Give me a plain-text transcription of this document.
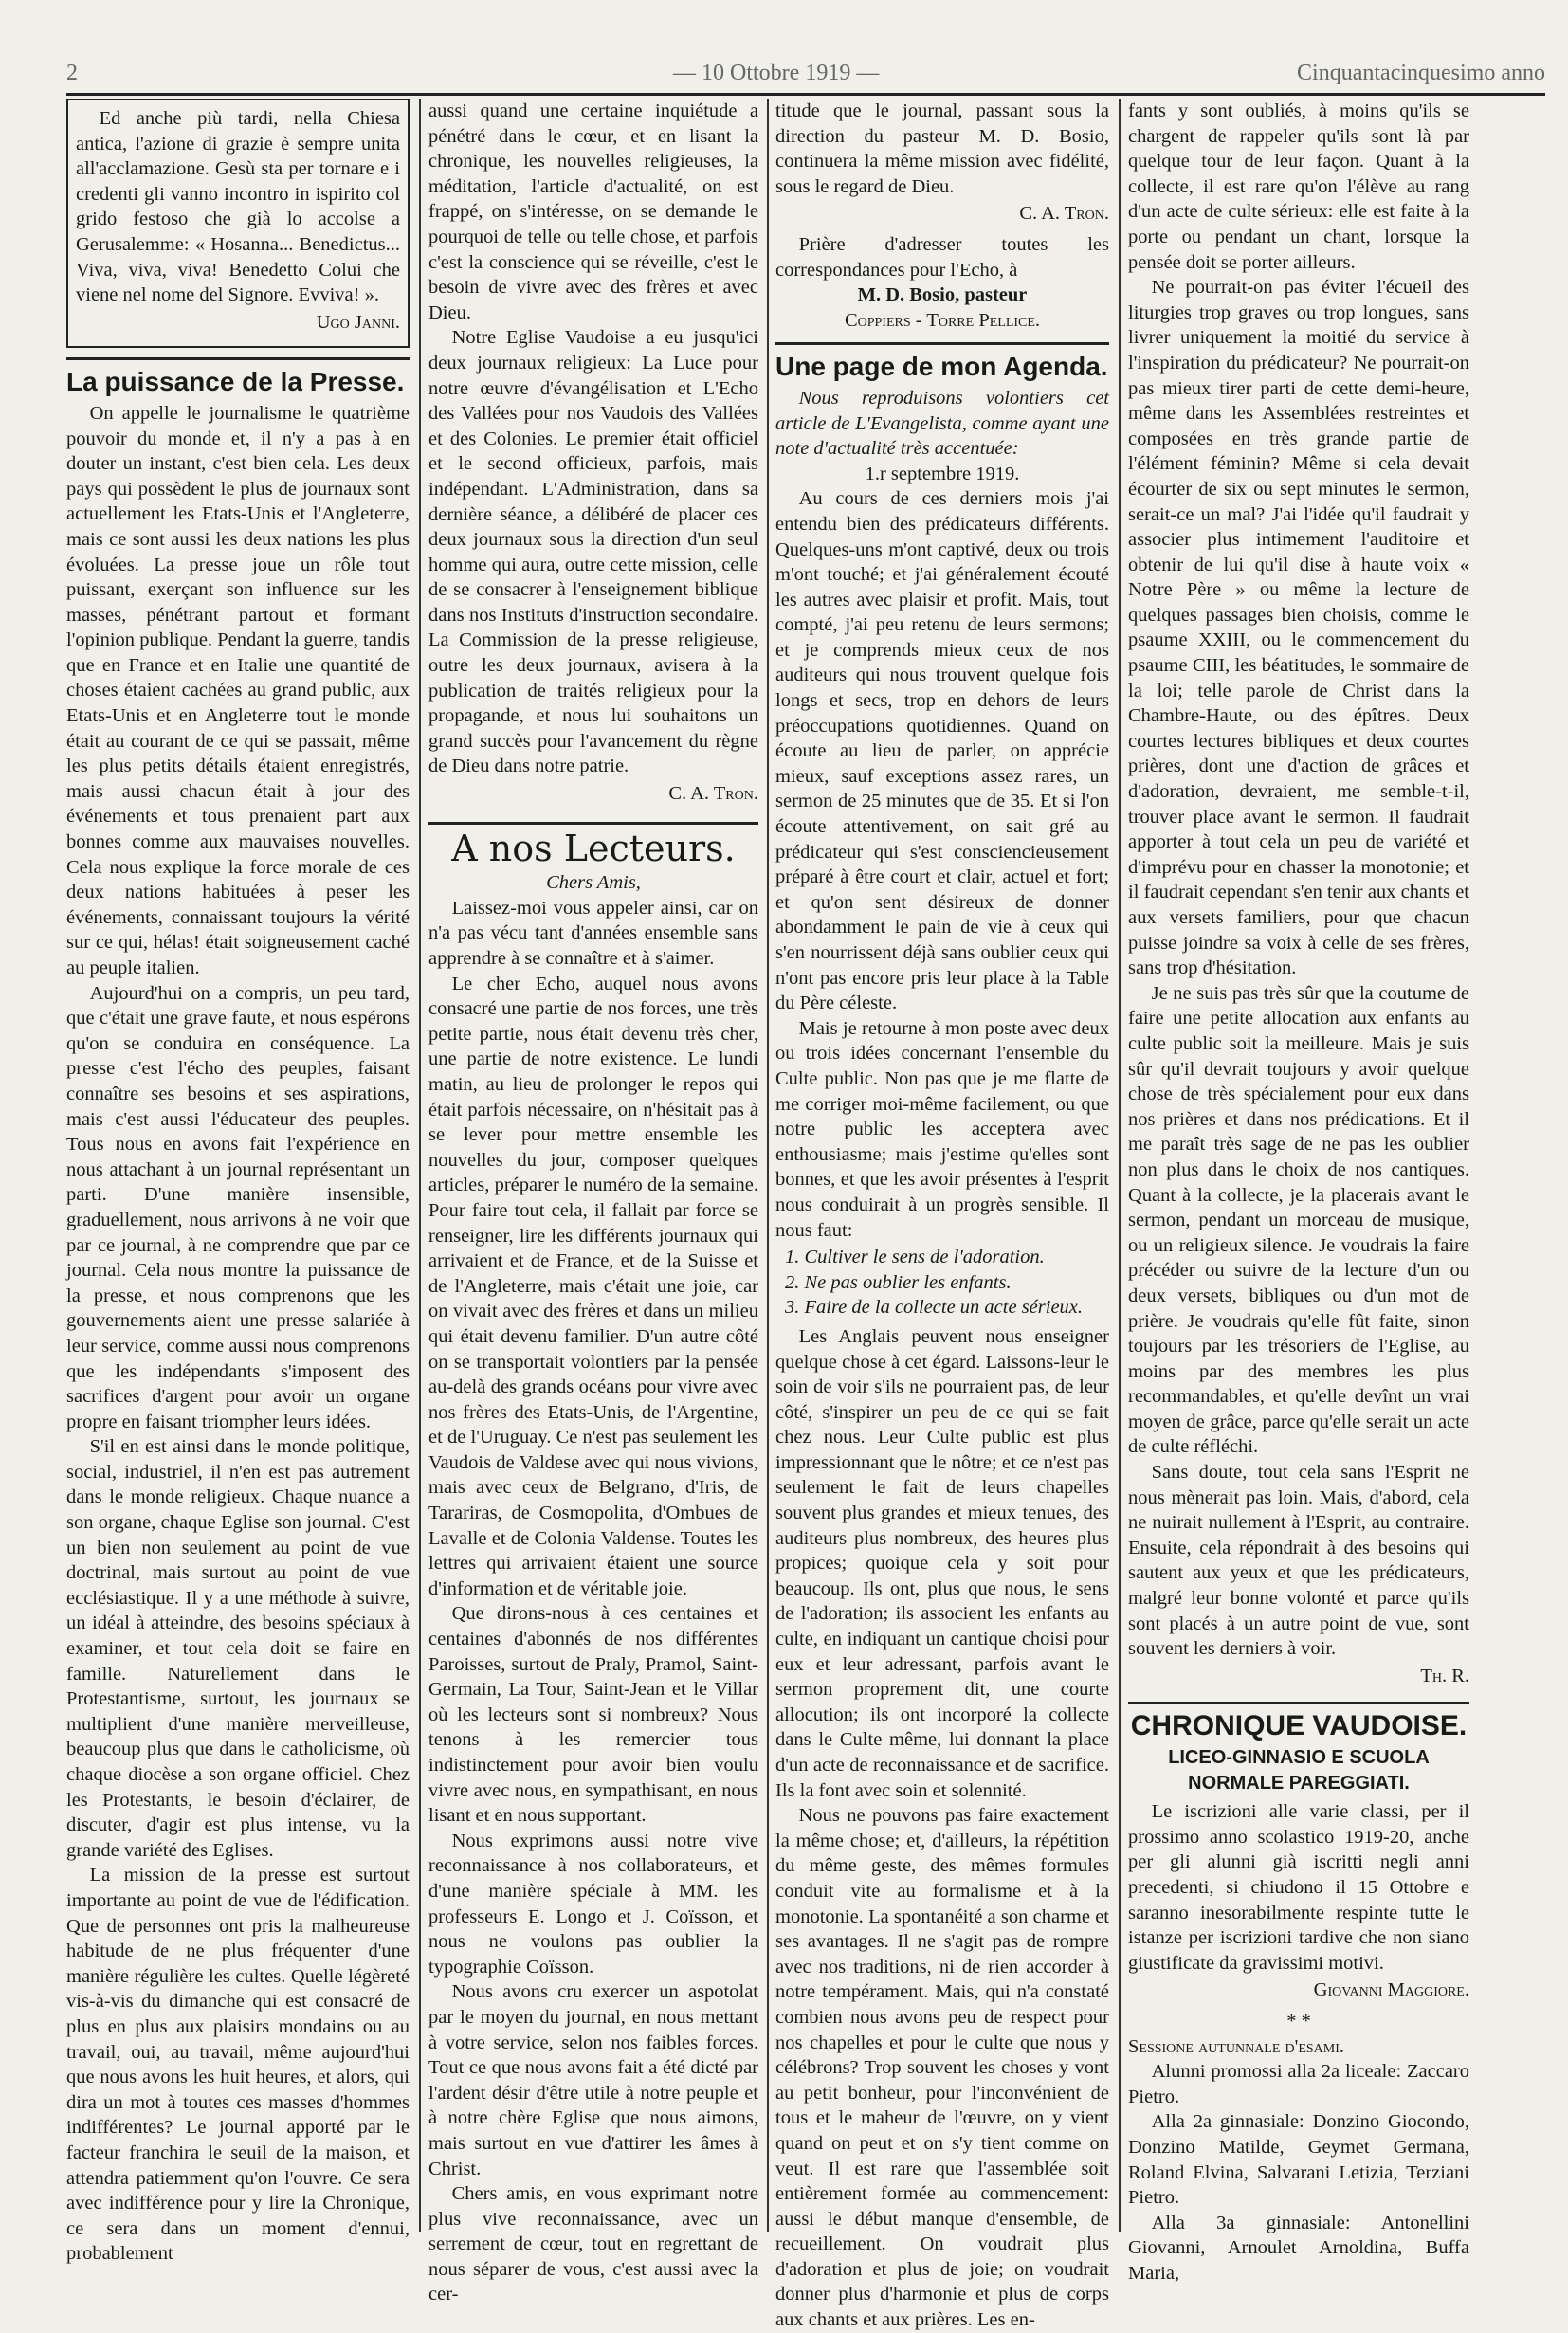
2	— 10 Ottobre 1919 —	Cinquantacinquesimo anno

Ed anche più tardi, nella Chiesa antica, l'azione di grazie è sempre unita all'acclamazione. Gesù sta per tornare e i credenti gli vanno incontro in ispirito col grido festoso che già lo accolse a Gerusalemme: « Hosanna... Benedictus... Viva, viva, viva! Benedetto Colui che viene nel nome del Signore. Evviva! ».

Ugo Janni.
La puissance de la Presse.

On appelle le journalisme le quatrième pouvoir du monde et, il n'y a pas à en douter un instant, c'est bien cela. Les deux pays qui possèdent le plus de journaux sont actuellement les Etats-Unis et l'Angleterre, mais ce sont aussi les deux nations les plus évoluées. La presse joue un rôle tout puissant, exerçant son influence sur les masses, pénétrant partout et formant l'opinion publique. Pendant la guerre, tandis que en France et en Italie une quantité de choses étaient cachées au grand public, aux Etats-Unis et en Angleterre tout le monde était au courant de ce qui se passait, même les plus petits détails étaient enregistrés, mais aussi chacun était à jour des événements et tous prenaient part aux bonnes comme aux mauvaises nouvelles. Cela nous explique la force morale de ces deux nations habituées à peser les événements, connaissant toujours la vérité sur ce qui, hélas! était soigneusement caché au peuple italien.

Aujourd'hui on a compris, un peu tard, que c'était une grave faute, et nous espérons qu'on se conduira en conséquence. La presse c'est l'écho des peuples, faisant connaître ses besoins et ses aspirations, mais c'est aussi l'éducateur des peuples. Tous nous en avons fait l'expérience en nous attachant à un journal représentant un parti. D'une manière insensible, graduellement, nous arrivons à ne voir que par ce journal, à ne comprendre que par ce journal. Cela nous montre la puissance de la presse, et nous comprenons que les gouvernements aient une presse salariée à leur service, comme aussi nous comprenons que les indépendants s'imposent des sacrifices d'argent pour avoir un organe propre en faisant triompher leurs idées.

S'il en est ainsi dans le monde politique, social, industriel, il n'en est pas autrement dans le monde religieux. Chaque nuance a son organe, chaque Eglise son journal. C'est un bien non seulement au point de vue doctrinal, mais surtout au point de vue ecclésiastique. Il y a une méthode à suivre, un idéal à atteindre, des besoins spéciaux à examiner, et tout cela doit se faire en famille. Naturellement dans le Protestantisme, surtout, les journaux se multiplient d'une manière merveilleuse, beaucoup plus que dans le catholicisme, où chaque diocèse a son organe officiel. Chez les Protestants, le besoin d'éclairer, de discuter, d'agir est plus intense, vu la grande variété des Eglises.

La mission de la presse est surtout importante au point de vue de l'édification. Que de personnes ont pris la malheureuse habitude de ne plus fréquenter d'une manière régulière les cultes. Quelle légèreté vis-à-vis du dimanche qui est consacré de plus en plus aux plaisirs mondains ou au travail, oui, au travail, même aujourd'hui que nous avons les huit heures, et alors, qui dira un mot à toutes ces masses d'hommes indifférentes? Le journal apporté par le facteur franchira le seuil de la maison, et attendra patiemment qu'on l'ouvre. Ce sera avec indifférence pour y lire la Chronique, ce sera dans un moment d'ennui, probablement

aussi quand une certaine inquiétude a pénétré dans le cœur, et en lisant la chronique, les nouvelles religieuses, la méditation, l'article d'actualité, on est frappé, on s'intéresse, on se demande le pourquoi de telle ou telle chose, et parfois c'est la conscience qui se réveille, c'est le besoin de vivre avec des frères et avec Dieu.

Notre Eglise Vaudoise a eu jusqu'ici deux journaux religieux: La Luce pour notre œuvre d'évangélisation et L'Echo des Vallées pour nos Vaudois des Vallées et des Colonies. Le premier était officiel et le second officieux, parfois, mais indépendant. L'Administration, dans sa dernière séance, a délibéré de placer ces deux journaux sous la direction d'un seul homme qui aura, outre cette mission, celle de se consacrer à l'enseignement biblique dans nos Instituts d'instruction secondaire. La Commission de la presse religieuse, outre les deux journaux, avisera à la publication de traités religieux pour la propagande, et nous lui souhaitons un grand succès pour l'avancement du règne de Dieu dans notre patrie.

C. A. Tron.
A nos Lecteurs.

Chers Amis,

Laissez-moi vous appeler ainsi, car on n'a pas vécu tant d'années ensemble sans apprendre à se connaître et à s'aimer.

Le cher Echo, auquel nous avons consacré une partie de nos forces, une très petite partie, nous était devenu très cher, une partie de notre existence. Le lundi matin, au lieu de prolonger le repos qui était parfois nécessaire, on n'hésitait pas à se lever pour mettre ensemble les nouvelles du jour, composer quelques articles, préparer le numéro de la semaine. Pour faire tout cela, il fallait par force se renseigner, lire les différents journaux qui arrivaient et de France, et de la Suisse et de l'Angleterre, mais c'était une joie, car on vivait avec des frères et dans un milieu qui était devenu familier. D'un autre côté on se transportait volontiers par la pensée au-delà des grands océans pour vivre avec nos frères des Etats-Unis, de l'Argentine, et de l'Uruguay. Ce n'est pas seulement les Vaudois de Valdese avec qui nous vivions, mais avec ceux de Belgrano, d'Iris, de Tarariras, de Cosmopolita, d'Ombues de Lavalle et de Colonia Valdense. Toutes les lettres qui arrivaient étaient une source d'information et de véritable joie.

Que dirons-nous à ces centaines et centaines d'abonnés de nos différentes Paroisses, surtout de Praly, Pramol, Saint-Germain, La Tour, Saint-Jean et le Villar où les lecteurs sont si nombreux? Nous tenons à les remercier tous indistinctement pour avoir bien voulu vivre avec nous, en sympathisant, en nous lisant et en nous supportant.

Nous exprimons aussi notre vive reconnaissance à nos collaborateurs, et d'une manière spéciale à MM. les professeurs E. Longo et J. Coïsson, et nous ne voulons pas oublier la typographie Coïsson.

Nous avons cru exercer un aspotolat par le moyen du journal, en nous mettant à votre service, selon nos faibles forces. Tout ce que nous avons fait a été dicté par l'ardent désir d'être utile à notre peuple et à notre chère Eglise que nous aimons, mais surtout en vue d'attirer les âmes à Christ.

Chers amis, en vous exprimant notre plus vive reconnaissance, avec un serrement de cœur, tout en regrettant de nous séparer de vous, c'est aussi avec la cer-

titude que le journal, passant sous la direction du pasteur M. D. Bosio, continuera la même mission avec fidélité, sous le regard de Dieu.

C. A. Tron.

Prière d'adresser toutes les correspondances pour l'Echo, à

M. D. Bosio, pasteur

Coppiers - Torre Pellice.

Une page de mon Agenda.

Nous reproduisons volontiers cet article de L'Evangelista, comme ayant une note d'actualité très accentuée:

1.r septembre 1919.

Au cours de ces derniers mois j'ai entendu bien des prédicateurs différents. Quelques-uns m'ont captivé, deux ou trois m'ont touché; et j'ai généralement écouté les autres avec plaisir et profit. Mais, tout compté, j'ai peu retenu de leurs sermons; et je comprends mieux ceux de nos auditeurs qui nous trouvent quelque fois longs et secs, trop en dehors de leurs préoccupations quotidiennes. Quand on écoute au lieu de parler, on apprécie mieux, sauf exceptions assez rares, un sermon de 25 minutes que de 35. Et si l'on écoute attentivement, on sait gré au prédicateur qui s'est consciencieusement préparé à être court et clair, actuel et fort; et qu'on sent désireux de donner abondamment le pain de vie à ceux qui s'en nourrissent déjà sans oublier ceux qui n'ont pas encore pris leur place à la Table du Père céleste.

Mais je retourne à mon poste avec deux ou trois idées concernant l'ensemble du Culte public. Non pas que je me flatte de me corriger moi-même facilement, ou que notre public les acceptera avec enthousiasme; mais j'estime qu'elles sont bonnes, et que les avoir présentes à l'esprit nous conduirait à un progrès sensible. Il nous faut:

1. Cultiver le sens de l'adoration.
2. Ne pas oublier les enfants.
3. Faire de la collecte un acte sérieux.

Les Anglais peuvent nous enseigner quelque chose à cet égard. Laissons-leur le soin de voir s'ils ne pourraient pas, de leur côté, s'inspirer un peu de ce qui se fait chez nous. Leur Culte public est plus impressionnant que le nôtre; et ce n'est pas seulement le fait de leurs chapelles souvent plus grandes et mieux tenues, des auditeurs plus nombreux, des heures plus propices; quoique cela y soit pour beaucoup. Ils ont, plus que nous, le sens de l'adoration; ils associent les enfants au culte, en indiquant un cantique choisi pour eux et leur adressant, parfois avant le sermon proprement dit, une courte allocution; ils ont incorporé la collecte dans le Culte même, lui donnant la place d'un acte de reconnaissance et de sacrifice. Ils la font avec soin et solennité.

Nous ne pouvons pas faire exactement la même chose; et, d'ailleurs, la répétition du même geste, des mêmes formules conduit vite au formalisme et à la monotonie. La spontanéité a son charme et ses avantages. Il ne s'agit pas de rompre avec nos traditions, ni de rien accorder à notre tempérament. Mais, qui n'a constaté combien nous avons peu de respect pour nos chapelles et pour le culte que nous y célébrons? Trop souvent les choses y vont au petit bonheur, pour l'inconvénient de tous et le maheur de l'œuvre, on y vient quand on peut et on s'y tient comme on veut. Il est rare que l'assemblée soit entièrement formée au commencement: aussi le début manque d'ensemble, de recueillement. On voudrait plus d'adoration et plus de joie; on voudrait donner plus d'harmonie et plus de corps aux chants et aux prières. Les en-

fants y sont oubliés, à moins qu'ils se chargent de rappeler qu'ils sont là par quelque tour de leur façon. Quant à la collecte, il est rare qu'on l'élève au rang d'un acte de culte sérieux: elle est faite à la porte ou pendant un chant, lorsque la pensée doit se porter ailleurs.

Ne pourrait-on pas éviter l'écueil des liturgies trop graves ou trop longues, sans livrer uniquement la moitié du service à l'inspiration du prédicateur? Ne pourrait-on pas mieux tirer parti de cette demi-heure, même dans les Assemblées restreintes et composées en très grande partie de l'élément féminin? Même si cela devait écourter de six ou sept minutes le sermon, serait-ce un mal? J'ai l'idée qu'il faudrait y associer plus intimement l'auditoire et obtenir de lui qu'il dise à haute voix « Notre Père » ou même la lecture de quelques passages bien choisis, comme le psaume XXIII, ou le commencement du psaume CIII, les béatitudes, le sommaire de la loi; telle parole de Christ dans la Chambre-Haute, ou des épîtres. Deux courtes lectures bibliques et deux courtes prières, dont une d'action de grâces et d'adoration, devraient, me semble-t-il, trouver place avant le sermon. Il faudrait apporter à tout cela un peu de variété et d'imprévu pour en chasser la monotonie; et il faudrait cependant s'en tenir aux chants et aux versets familiers, pour que chacun puisse joindre sa voix à celle de ses frères, sans trop d'hésitation.

Je ne suis pas très sûr que la coutume de faire une petite allocation aux enfants au culte public soit la meilleure. Mais je suis sûr qu'il devrait toujours y avoir quelque chose de très spécialement pour eux dans nos prières et dans nos prédications. Et il me paraît très sage de ne pas les oublier non plus dans le choix de nos cantiques. Quant à la collecte, je la placerais avant le sermon, pendant un morceau de musique, ou un religieux silence. Je voudrais la faire précéder ou suivre de la lecture d'un ou deux versets, bibliques ou d'un mot de prière. Je voudrais qu'elle fût faite, sinon toujours par les trésoriers de l'Eglise, au moins par des membres les plus recommandables, et qu'elle devînt un vrai moyen de grâce, parce qu'elle serait un acte de culte réfléchi.

Sans doute, tout cela sans l'Esprit ne nous mènerait pas loin. Mais, d'abord, cela ne nuirait nullement à l'Esprit, au contraire. Ensuite, cela répondrait à des besoins qui sautent aux yeux et que les prédicateurs, malgré leur bonne volonté et parce qu'ils sont placés à un autre point de vue, sont souvent les derniers à voir.

Th. R.
CHRONIQUE VAUDOISE.
LICEO-GINNASIO E SCUOLA NORMALE PAREGGIATI.

Le iscrizioni alle varie classi, per il prossimo anno scolastico 1919-20, anche per gli alunni già iscritti negli anni precedenti, si chiudono il 15 Ottobre e saranno inesorabilmente respinte tutte le istanze per iscrizioni tardive che non siano giustificate da gravissimi motivi.

Giovanni Maggiore.

* *

Sessione autunnale d'esami.

Alunni promossi alla 2a liceale: Zaccaro Pietro.

Alla 2a ginnasiale: Donzino Giocondo, Donzino Matilde, Geymet Germana, Roland Elvina, Salvarani Letizia, Terziani Pietro.

Alla 3a ginnasiale: Antonellini Giovanni, Arnoulet Arnoldina, Buffa Maria,
